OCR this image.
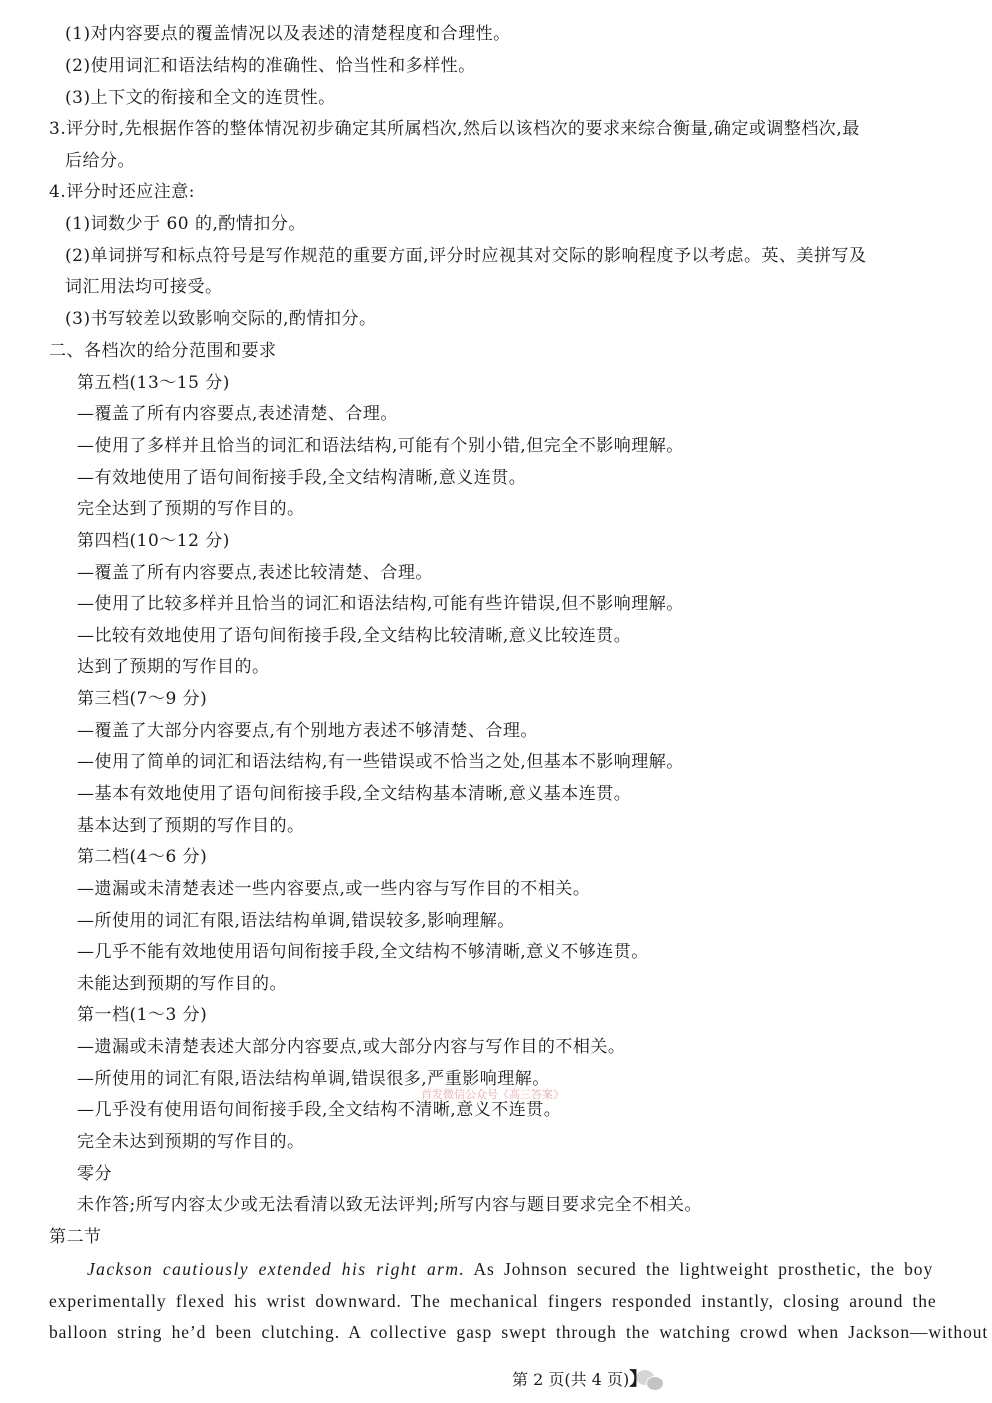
(1)对内容要点的覆盖情况以及表述的清楚程度和合理性。
(2)使用词汇和语法结构的准确性、恰当性和多样性。
(3)上下文的衔接和全文的连贯性。
3.评分时,先根据作答的整体情况初步确定其所属档次,然后以该档次的要求来综合衡量,确定或调整档次,最
后给分。
4.评分时还应注意:
(1)词数少于 60 的,酌情扣分。
(2)单词拼写和标点符号是写作规范的重要方面,评分时应视其对交际的影响程度予以考虑。英、美拼写及
词汇用法均可接受。
(3)书写较差以致影响交际的,酌情扣分。
二、各档次的给分范围和要求
第五档(13～15 分)
—覆盖了所有内容要点,表述清楚、合理。
—使用了多样并且恰当的词汇和语法结构,可能有个别小错,但完全不影响理解。
—有效地使用了语句间衔接手段,全文结构清晰,意义连贯。
完全达到了预期的写作目的。
第四档(10～12 分)
—覆盖了所有内容要点,表述比较清楚、合理。
—使用了比较多样并且恰当的词汇和语法结构,可能有些许错误,但不影响理解。
—比较有效地使用了语句间衔接手段,全文结构比较清晰,意义比较连贯。
达到了预期的写作目的。
第三档(7～9 分)
—覆盖了大部分内容要点,有个别地方表述不够清楚、合理。
—使用了简单的词汇和语法结构,有一些错误或不恰当之处,但基本不影响理解。
—基本有效地使用了语句间衔接手段,全文结构基本清晰,意义基本连贯。
基本达到了预期的写作目的。
第二档(4～6 分)
—遗漏或未清楚表述一些内容要点,或一些内容与写作目的不相关。
—所使用的词汇有限,语法结构单调,错误较多,影响理解。
—几乎不能有效地使用语句间衔接手段,全文结构不够清晰,意义不够连贯。
未能达到预期的写作目的。
第一档(1～3 分)
—遗漏或未清楚表述大部分内容要点,或大部分内容与写作目的不相关。
—所使用的词汇有限,语法结构单调,错误很多,严重影响理解。
—几乎没有使用语句间衔接手段,全文结构不清晰,意义不连贯。
完全未达到预期的写作目的。
零分
未作答;所写内容太少或无法看清以致无法评判;所写内容与题目要求完全不相关。
第二节
Jackson cautiously extended his right arm. As Johnson secured the lightweight prosthetic, the boy
experimentally flexed his wrist downward. The mechanical fingers responded instantly, closing around the
balloon string he’d been clutching. A collective gasp swept through the watching crowd when Jackson—without
首发微信公众号《高三答案》
第 2 页(共 4 页)】
